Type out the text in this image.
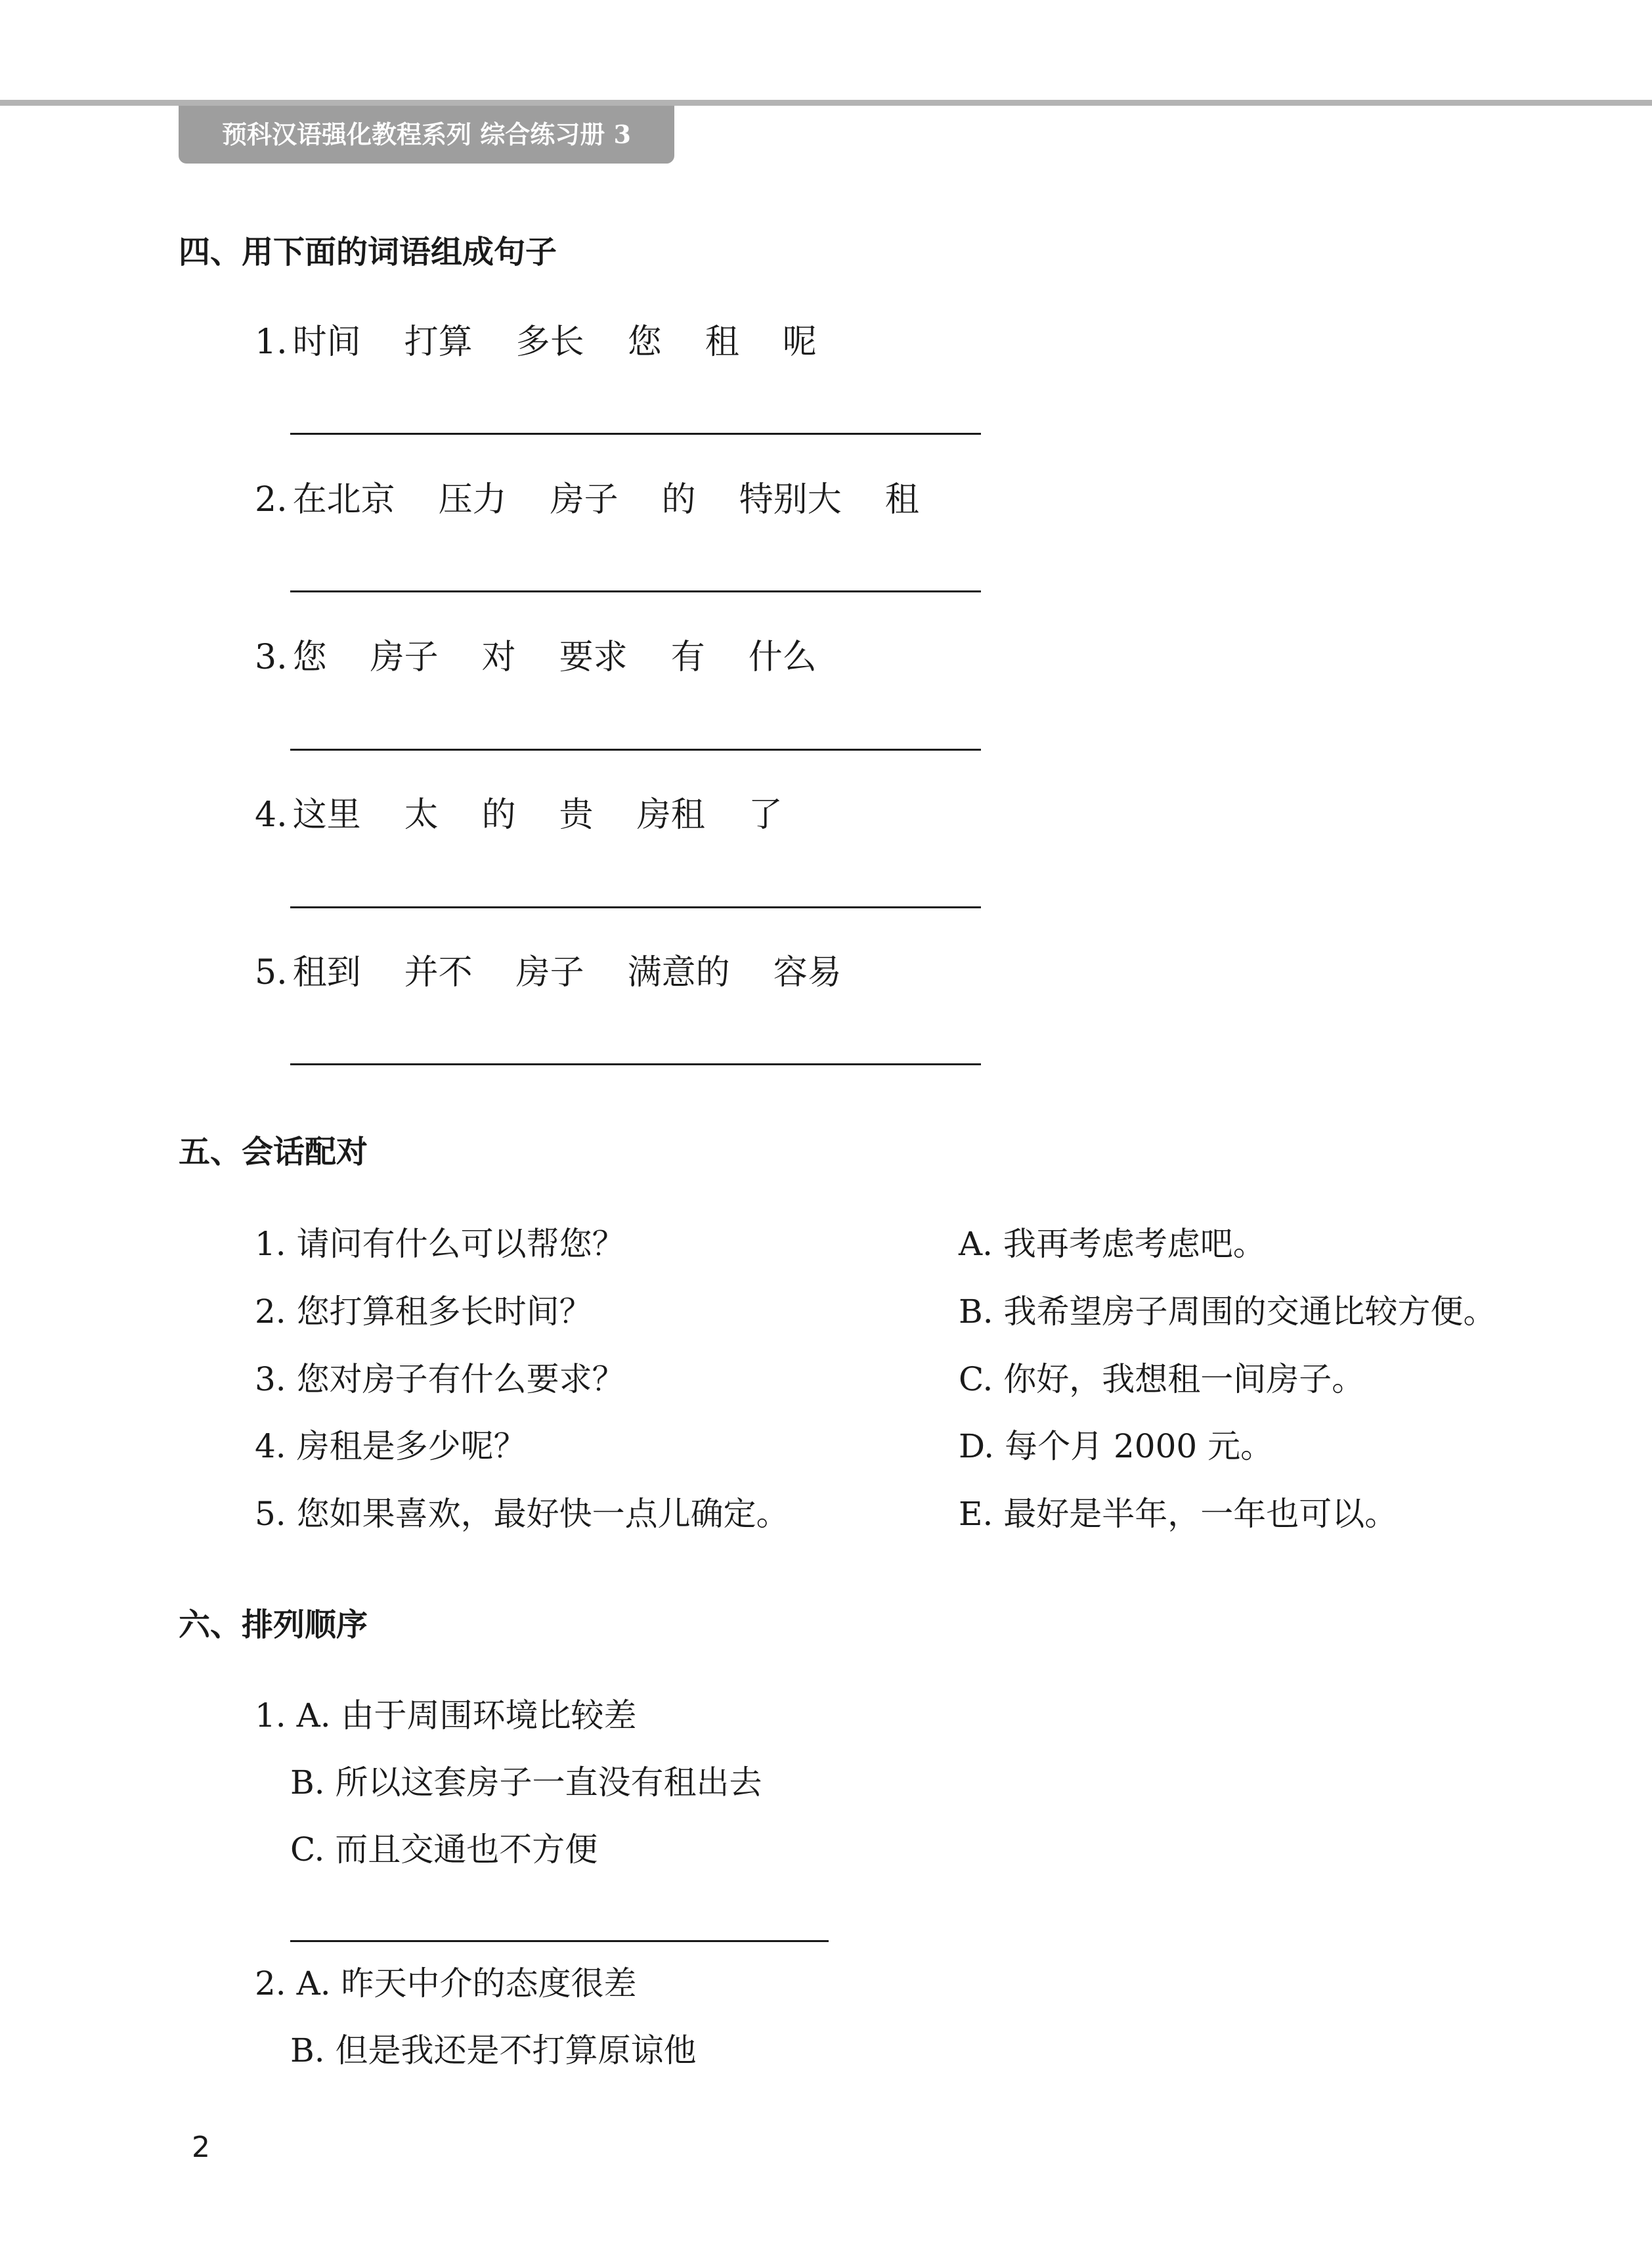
预科汉语强化教程系列 综合练习册 3
四、用下面的词语组成句子
1. 时间 打算 多长 您 租 呢
2. 在北京 压力 房子 的 特别大 租
3. 您 房子 对 要求 有 什么
4. 这里 太 的 贵 房租 了
5. 租到 并不 房子 满意的 容易
五、会话配对
1. 请问有什么可以帮您？
2. 您打算租多长时间？
3. 您对房子有什么要求？
4. 房租是多少呢？
5. 您如果喜欢，最好快一点儿确定。
A. 我再考虑考虑吧。
B. 我希望房子周围的交通比较方便。
C. 你好，我想租一间房子。
D. 每个月 2000 元。
E. 最好是半年，一年也可以。
六、排列顺序
1. A. 由于周围环境比较差
B. 所以这套房子一直没有租出去
C. 而且交通也不方便
2. A. 昨天中介的态度很差
B. 但是我还是不打算原谅他
2
